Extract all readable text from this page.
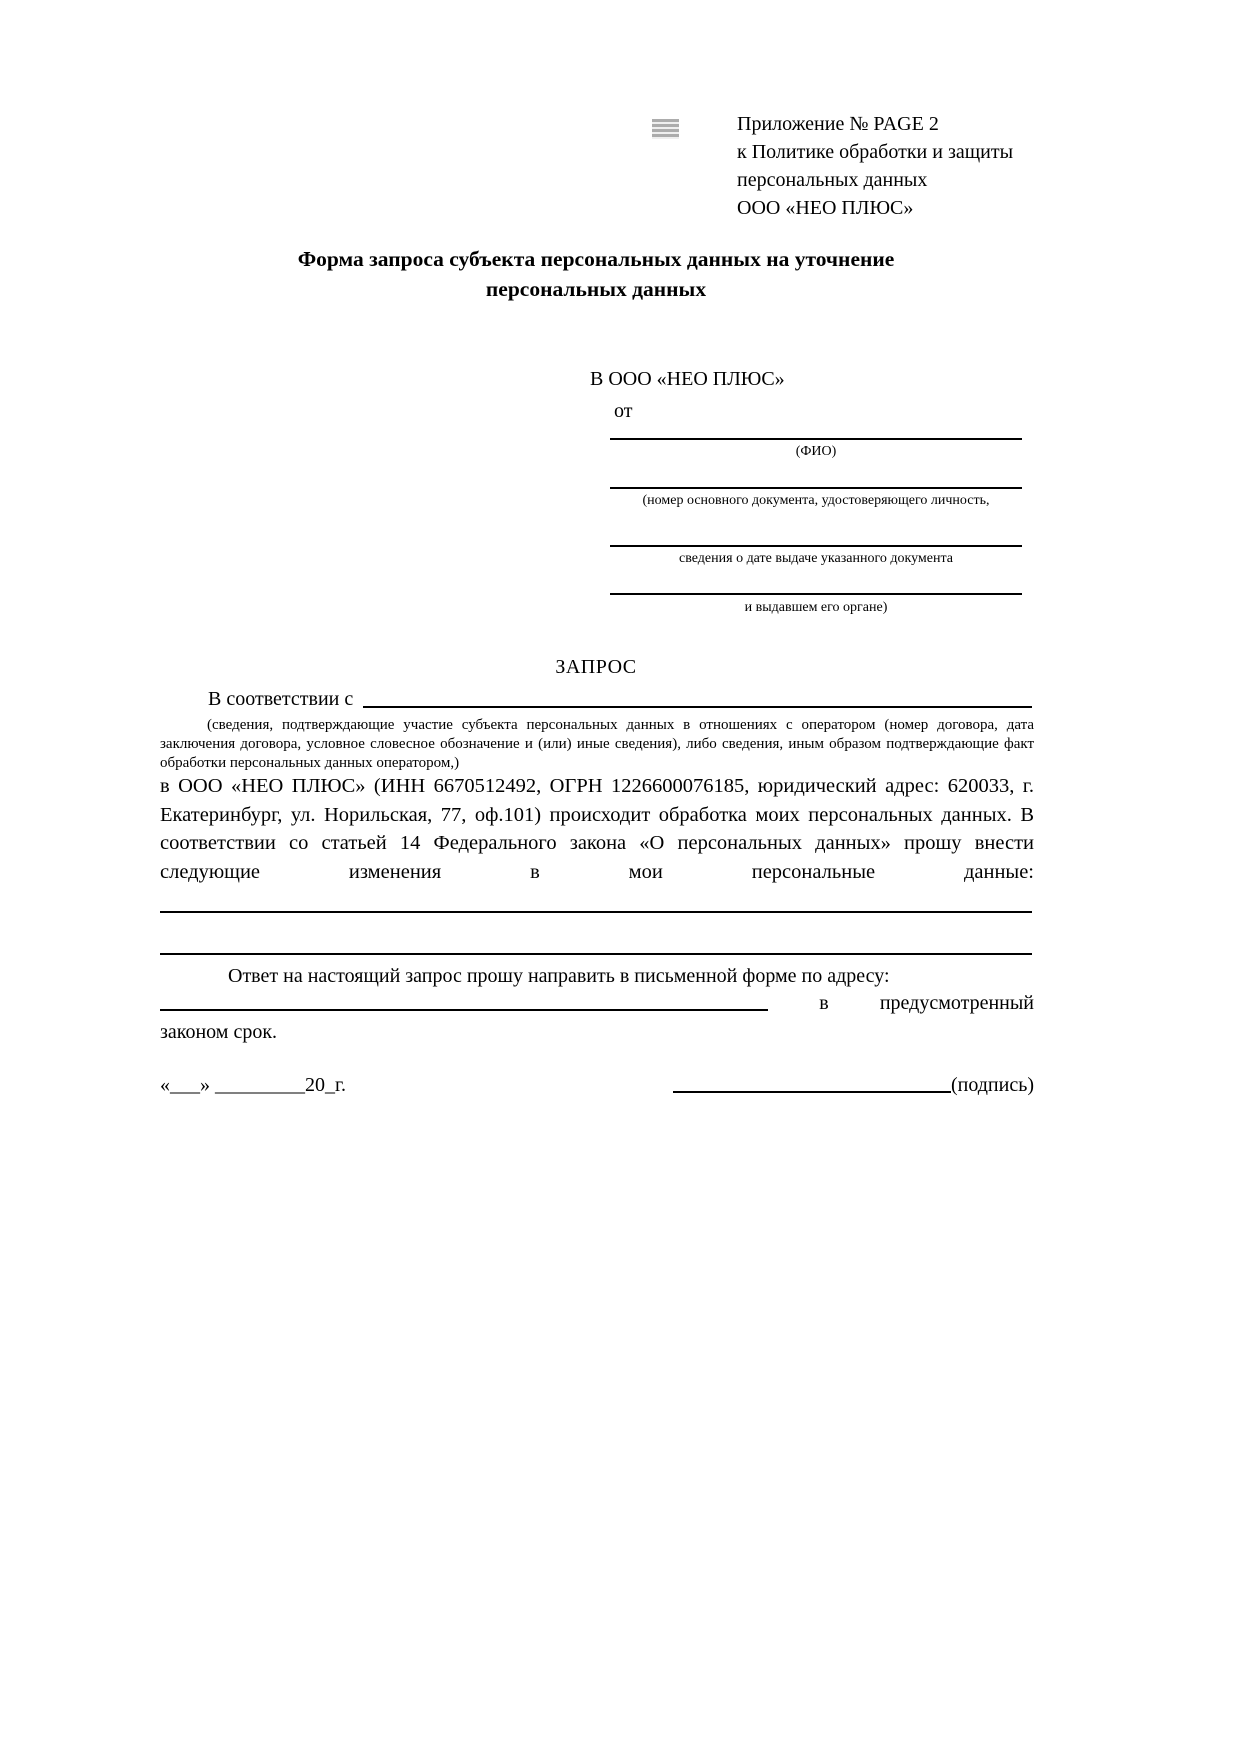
Приложение № PAGE 2
к Политике обработки и защиты
персональных данных
ООО «НЕО ПЛЮС»
Форма запроса субъекта персональных данных на уточнение
персональных данных
В ООО «НЕО ПЛЮС»
от
(ФИО)
(номер основного документа, удостоверяющего личность,
сведения о дате выдаче указанного документа
и выдавшем его органе)
ЗАПРОС
В соответствии с
(сведения, подтверждающие участие субъекта персональных данных в отношениях с оператором (номер договора, дата заключения договора, условное словесное обозначение и (или) иные сведения), либо сведения, иным образом подтверждающие факт обработки персональных данных оператором,)
в ООО «НЕО ПЛЮС» (ИНН 6670512492, ОГРН 1226600076185, юридический адрес: 620033, г. Екатеринбург, ул. Норильская, 77, оф.101) происходит обработка моих персональных данных. В соответствии со статьей 14 Федерального закона «О персональных данных» прошу внести следующие изменения в мои персональные данные:
Ответ на настоящий запрос прошу направить в письменной форме по адресу:
в	предусмотренный
законом срок.
«___» _________20_г.	(подпись)
